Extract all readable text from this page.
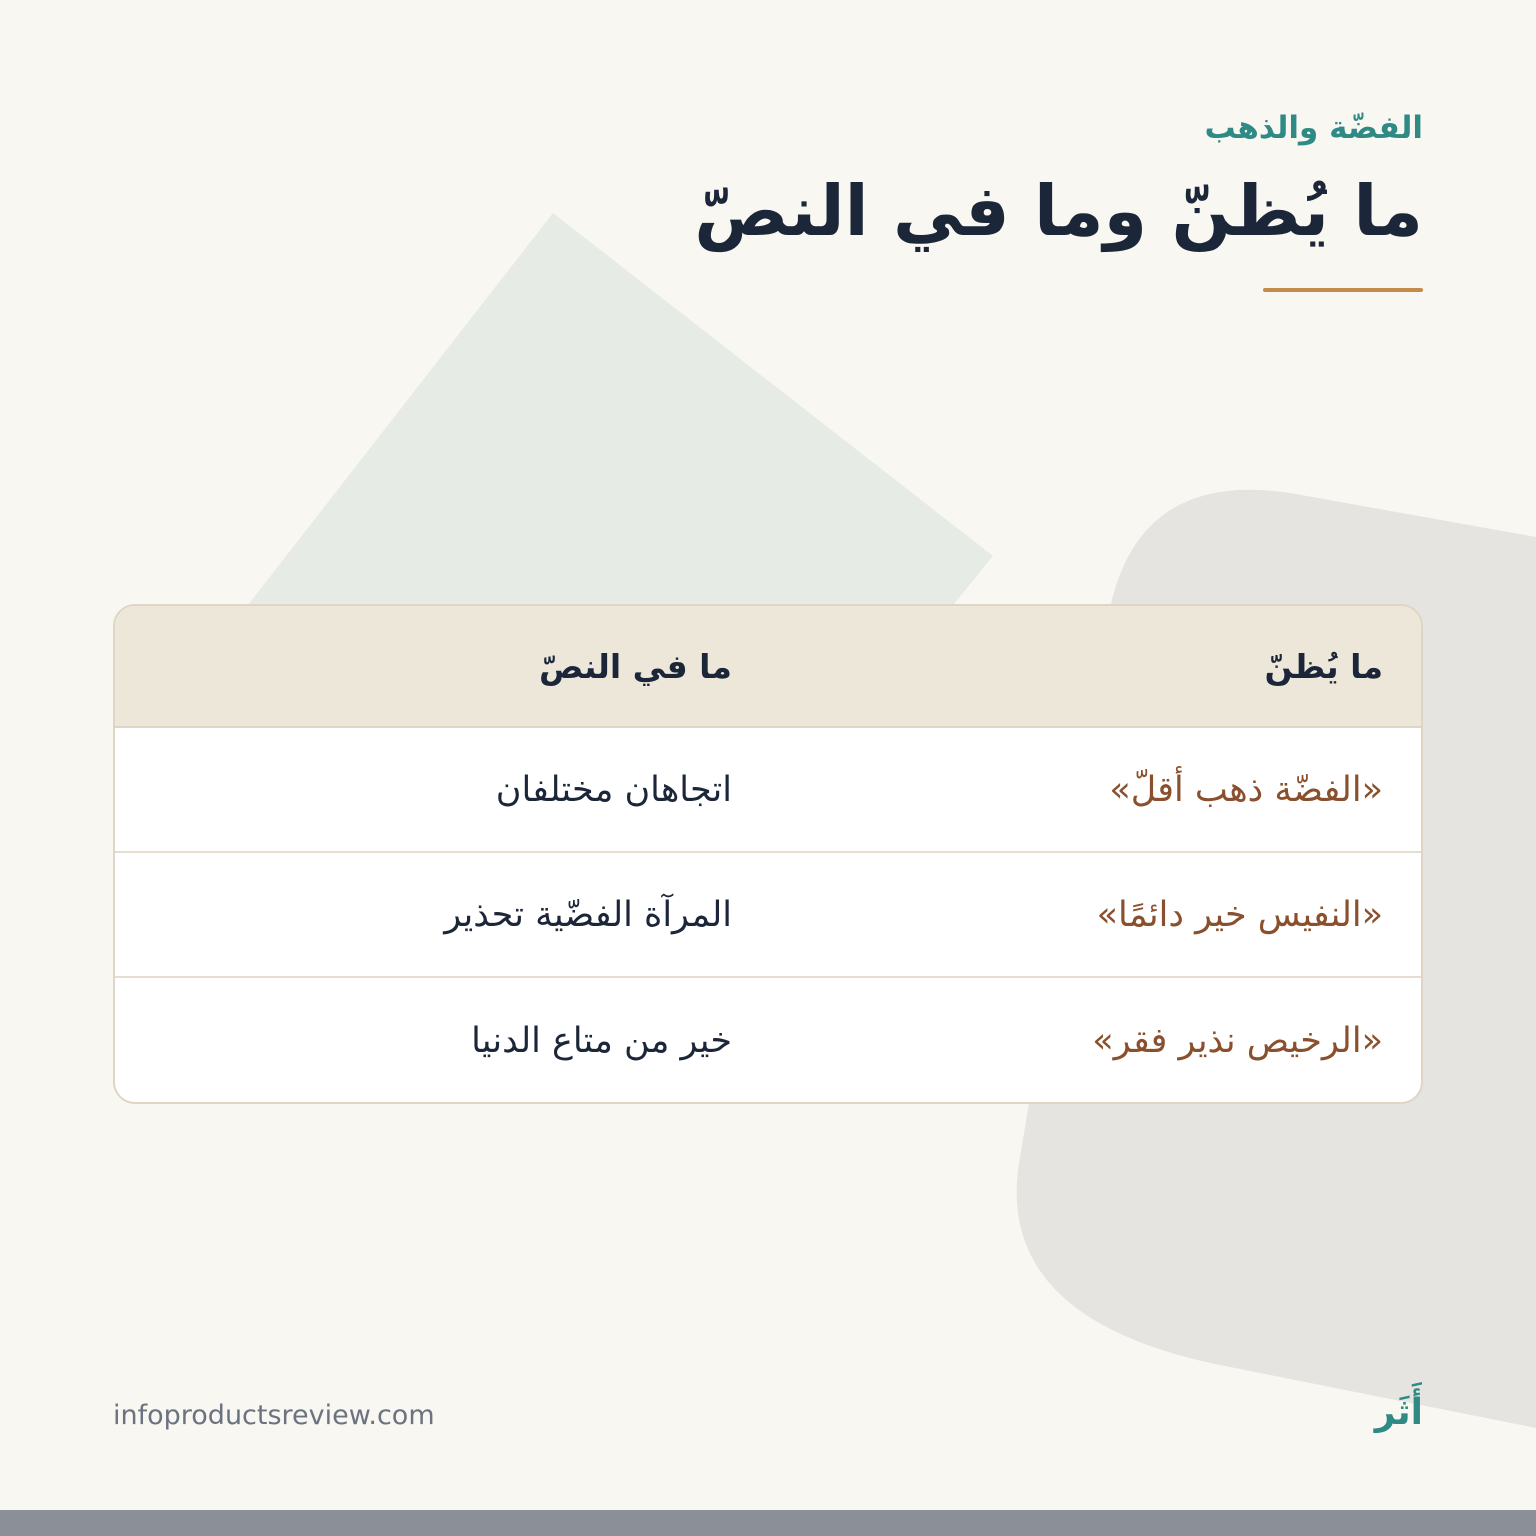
الفضّة والذهب
ما يُظنّ وما في النصّ
ما يُظنّ
ما في النصّ
«الفضّة ذهب أقلّ»
اتجاهان مختلفان
«النفيس خير دائمًا»
المرآة الفضّية تحذير
«الرخيص نذير فقر»
خير من متاع الدنيا
infoproductsreview.com	أَثَر
